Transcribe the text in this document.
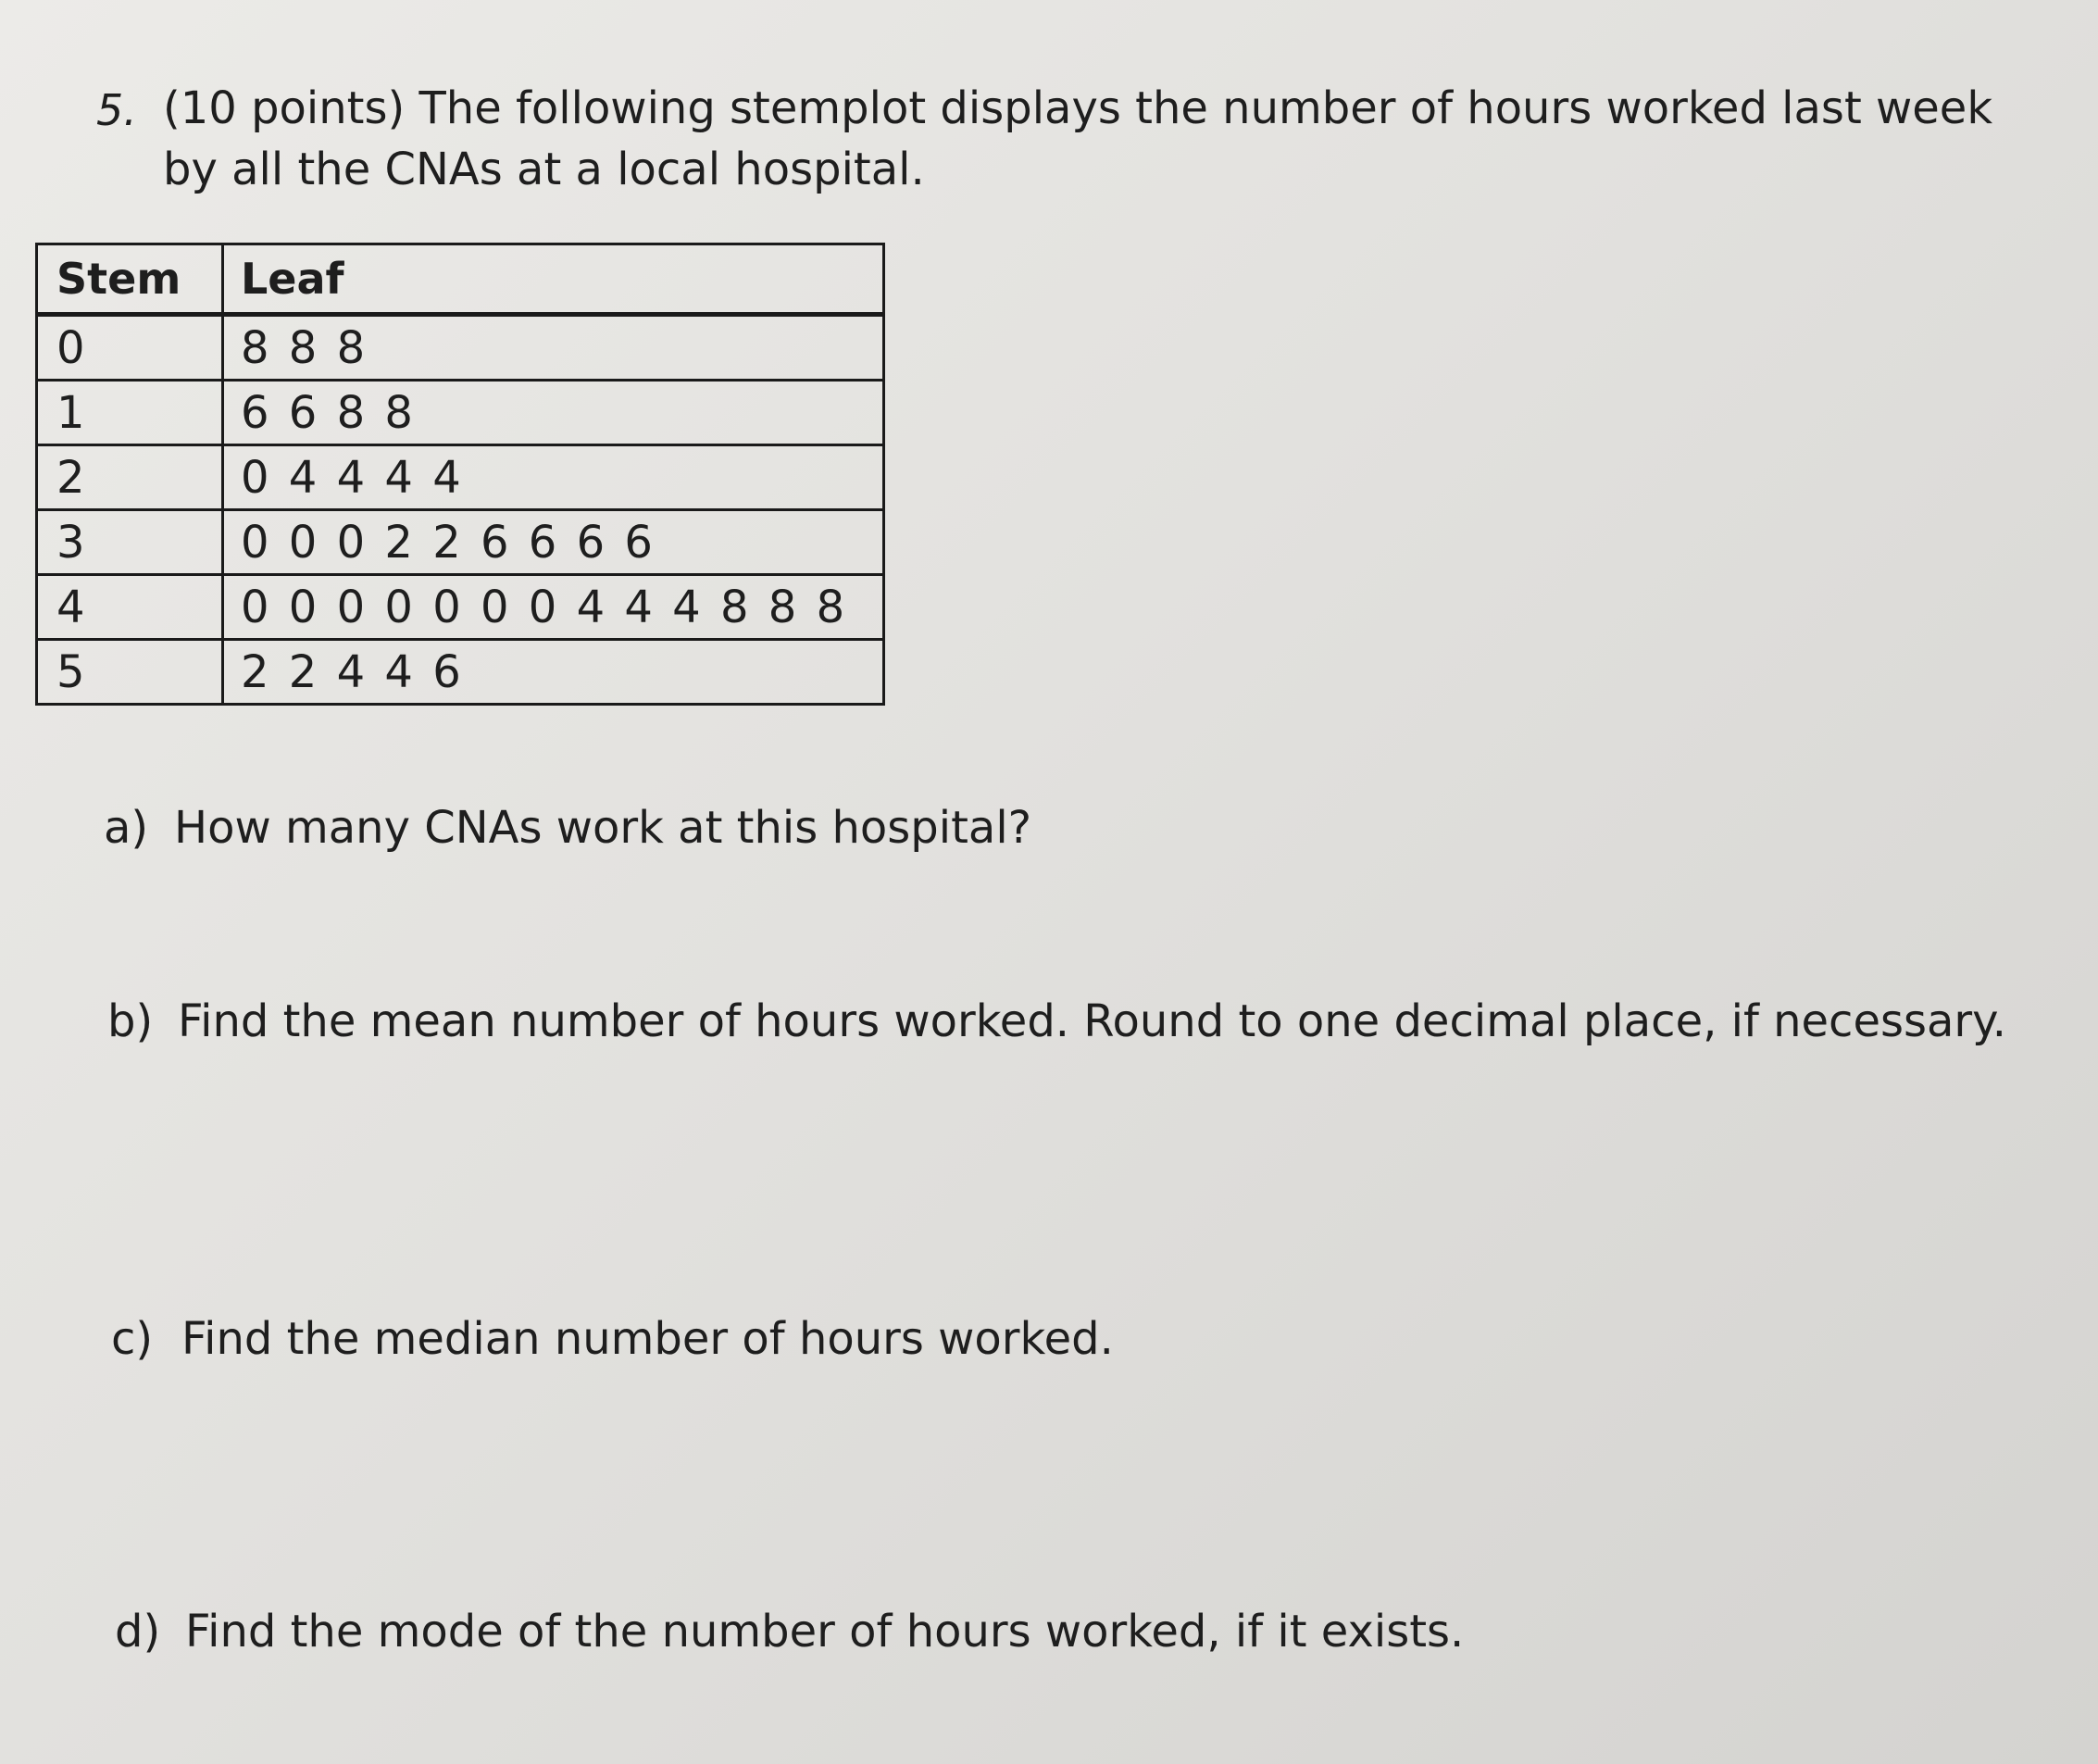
5. (10 points) The following stemplot displays the number of hours worked last week by all the CNAs at a local hospital.
Stem	Leaf
0	8 8 8
1	6 6 8 8
2	0 4 4 4 4
3	0 0 0 2 2 6 6 6 6
4	0 0 0 0 0 0 0 4 4 4 8 8 8
5	2 2 4 4 6
a) How many CNAs work at this hospital?
b) Find the mean number of hours worked. Round to one decimal place, if necessary.
c) Find the median number of hours worked.
d) Find the mode of the number of hours worked, if it exists.
